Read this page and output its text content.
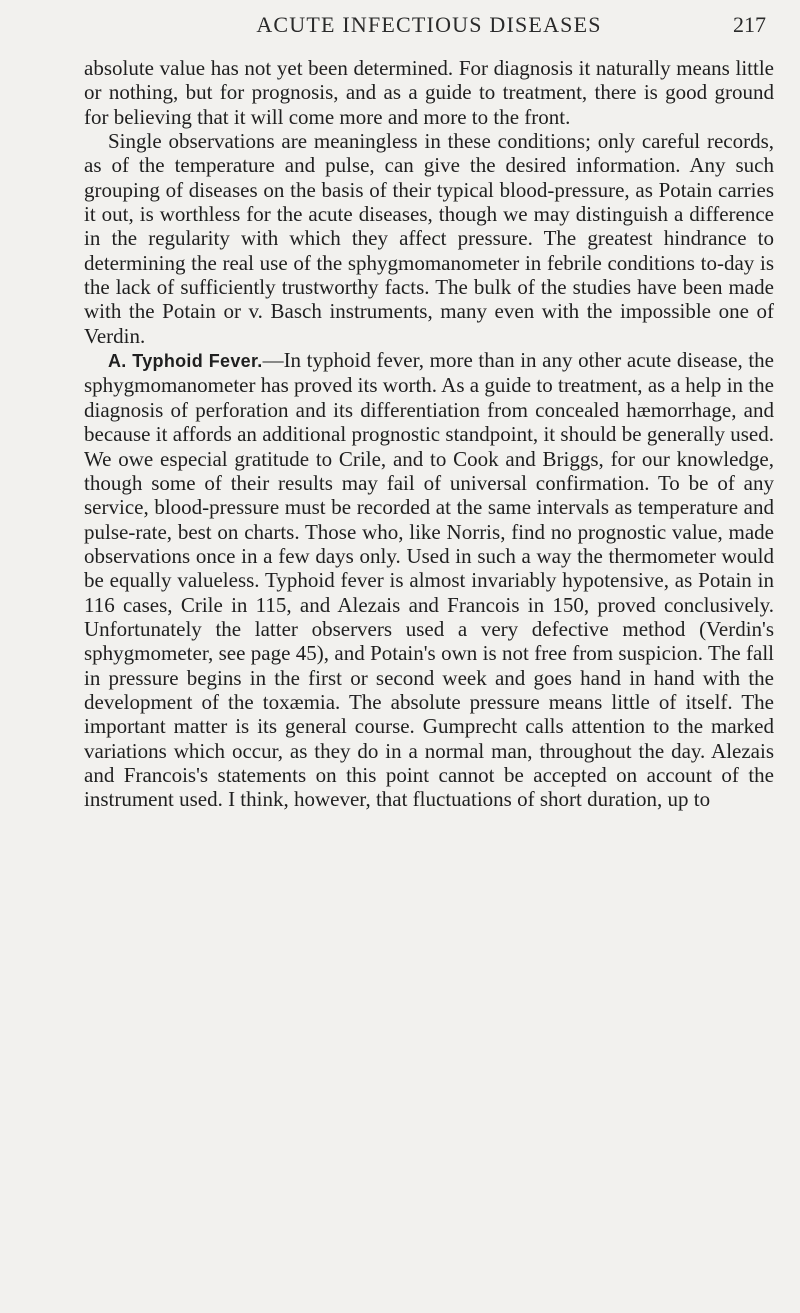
ACUTE INFECTIOUS DISEASES	217

absolute value has not yet been determined. For diagnosis it naturally means little or nothing, but for prognosis, and as a guide to treatment, there is good ground for believing that it will come more and more to the front.

Single observations are meaningless in these conditions; only careful records, as of the temperature and pulse, can give the desired information. Any such grouping of diseases on the basis of their typical blood-pressure, as Potain carries it out, is worthless for the acute diseases, though we may distinguish a difference in the regularity with which they affect pressure. The greatest hindrance to determining the real use of the sphygmomanometer in febrile conditions to-day is the lack of sufficiently trustworthy facts. The bulk of the studies have been made with the Potain or v. Basch instruments, many even with the impossible one of Verdin.

A. Typhoid Fever.—In typhoid fever, more than in any other acute disease, the sphygmomanometer has proved its worth. As a guide to treatment, as a help in the diagnosis of perforation and its differentiation from concealed hæmorrhage, and because it affords an additional prognostic standpoint, it should be generally used. We owe especial gratitude to Crile, and to Cook and Briggs, for our knowledge, though some of their results may fail of universal confirmation. To be of any service, blood-pressure must be recorded at the same intervals as temperature and pulse-rate, best on charts. Those who, like Norris, find no prognostic value, made observations once in a few days only. Used in such a way the thermometer would be equally valueless. Typhoid fever is almost invariably hypotensive, as Potain in 116 cases, Crile in 115, and Alezais and Francois in 150, proved conclusively. Unfortunately the latter observers used a very defective method (Verdin's sphygmometer, see page 45), and Potain's own is not free from suspicion. The fall in pressure begins in the first or second week and goes hand in hand with the development of the toxæmia. The absolute pressure means little of itself. The important matter is its general course. Gumprecht calls attention to the marked variations which occur, as they do in a normal man, throughout the day. Alezais and Francois's statements on this point cannot be accepted on account of the instrument used. I think, however, that fluctuations of short duration, up to
